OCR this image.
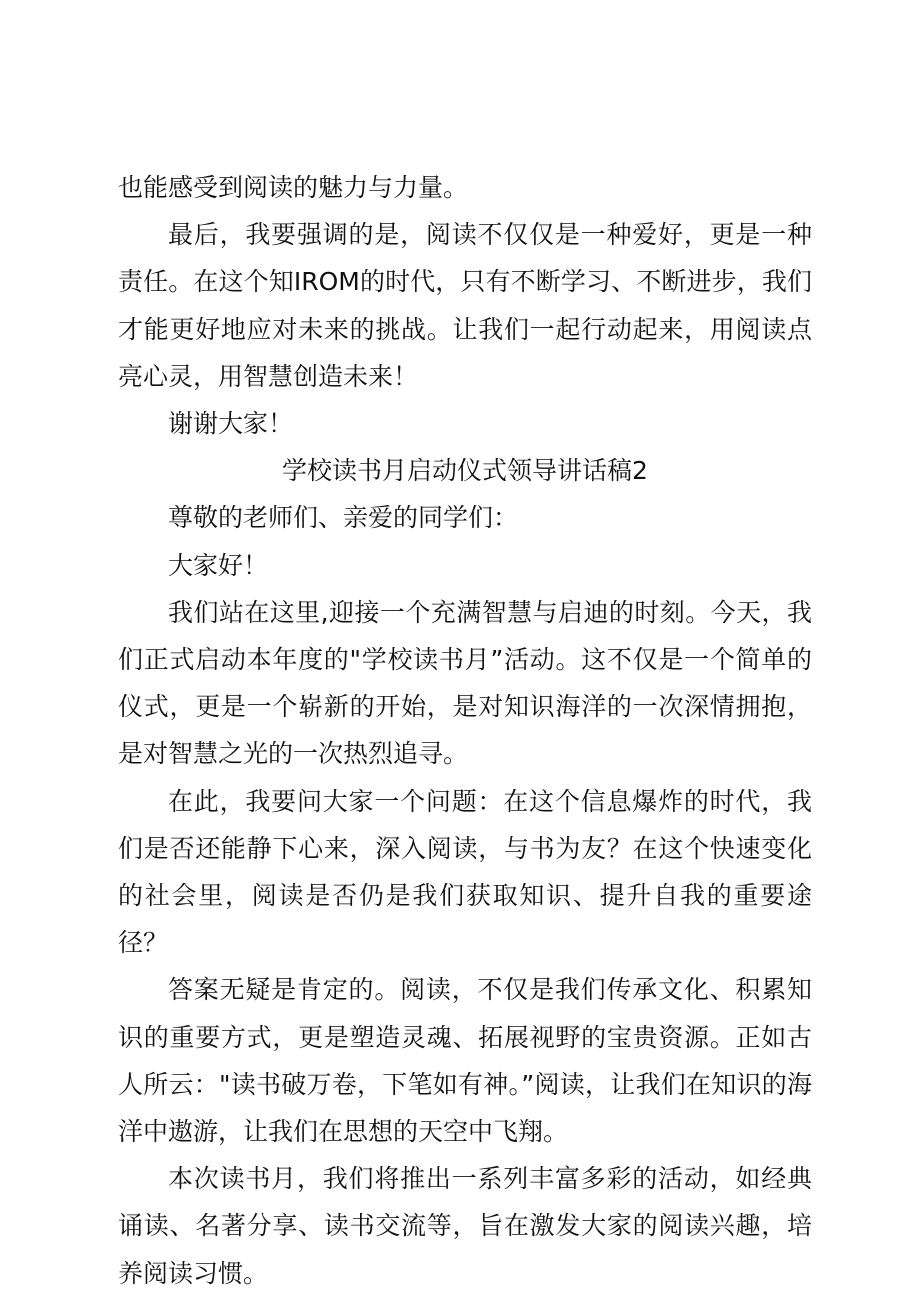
也能感受到阅读的魅力与力量。

最后，我要强调的是，阅读不仅仅是一种爱好，更是一种责任。在这个知IROM的时代，只有不断学习、不断进步，我们才能更好地应对未来的挑战。让我们一起行动起来，用阅读点亮心灵，用智慧创造未来！

谢谢大家！

学校读书月启动仪式领导讲话稿2

尊敬的老师们、亲爱的同学们：

大家好！

我们站在这里,迎接一个充满智慧与启迪的时刻。今天，我们正式启动本年度的"学校读书月”活动。这不仅是一个简单的仪式，更是一个崭新的开始，是对知识海洋的一次深情拥抱，是对智慧之光的一次热烈追寻。

在此，我要问大家一个问题：在这个信息爆炸的时代，我们是否还能静下心来，深入阅读，与书为友？在这个快速变化的社会里，阅读是否仍是我们获取知识、提升自我的重要途径？

答案无疑是肯定的。阅读，不仅是我们传承文化、积累知识的重要方式，更是塑造灵魂、拓展视野的宝贵资源。正如古人所云："读书破万卷，下笔如有神。”阅读，让我们在知识的海洋中遨游，让我们在思想的天空中飞翔。

本次读书月，我们将推出一系列丰富多彩的活动，如经典诵读、名著分享、读书交流等，旨在激发大家的阅读兴趣，培养阅读习惯。
